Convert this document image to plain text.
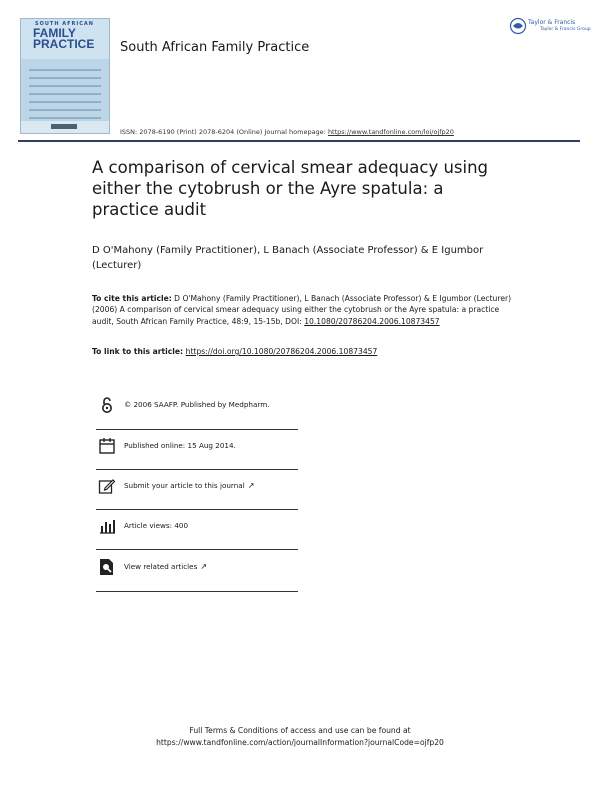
SOUTH AFRICAN
FAMILY
PRACTICE South African Family Practice
Taylor & Francis
Taylor & Francis Group
ISSN: 2078-6190 (Print) 2078-6204 (Online) Journal homepage: https://www.tandfonline.com/loi/ojfp20
A comparison of cervical smear adequacy using either the cytobrush or the Ayre spatula: a practice audit
D O'Mahony (Family Practitioner), L Banach (Associate Professor) & E Igumbor (Lecturer)
To cite this article: D O'Mahony (Family Practitioner), L Banach (Associate Professor) & E Igumbor (Lecturer) (2006) A comparison of cervical smear adequacy using either the cytobrush or the Ayre spatula: a practice audit, South African Family Practice, 48:9, 15-15b, DOI: 10.1080/20786204.2006.10873457
To link to this article: https://doi.org/10.1080/20786204.2006.10873457
© 2006 SAAFP. Published by Medpharm.
Published online: 15 Aug 2014.
Submit your article to this journal ↗
Article views: 400
View related articles ↗
Full Terms & Conditions of access and use can be found at
https://www.tandfonline.com/action/journalInformation?journalCode=ojfp20
